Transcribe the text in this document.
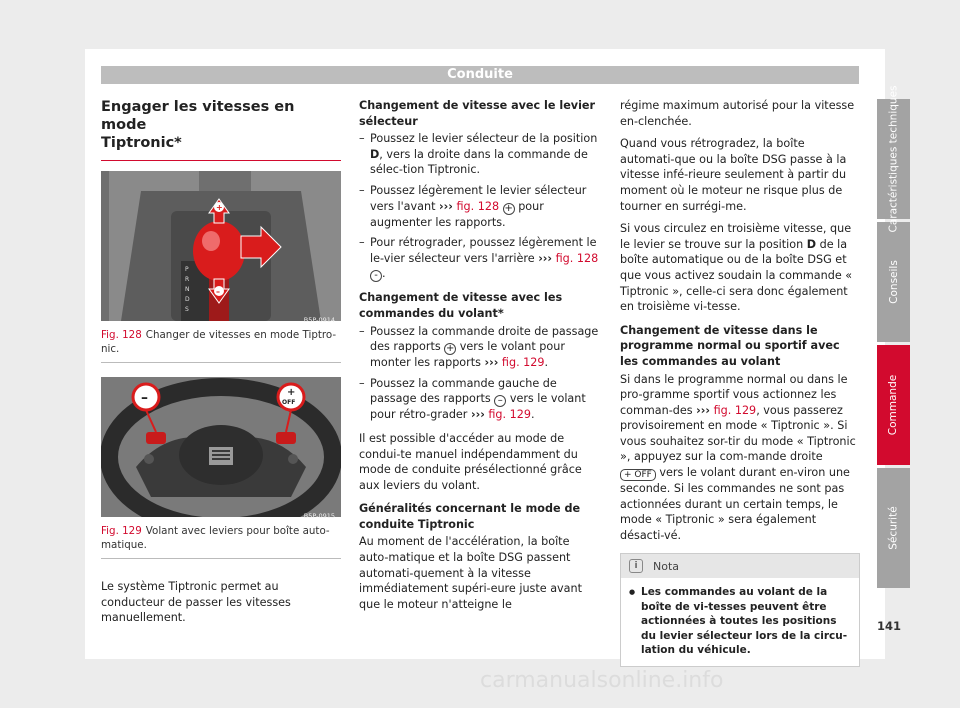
Conduite
Engager les vitesses en mode
Tiptronic*
P
R
N
D
S
+
–
B5P-0914
Fig. 128 Changer de vitesses en mode Tiptro-nic.
–	+
OFF
B5P-0915
Fig. 129 Volant avec leviers pour boîte auto-matique.

Le système Tiptronic permet au conducteur de passer les vitesses manuellement.

Changement de vitesse avec le levier sélecteur

– Poussez le levier sélecteur de la position D, vers la droite dans la commande de sélec-tion Tiptronic.
– Poussez légèrement le levier sélecteur vers l'avant ››› fig. 128 + pour augmenter les rapports.
– Pour rétrograder, poussez légèrement le le-vier sélecteur vers l'arrière ››› fig. 128 - .

Changement de vitesse avec les commandes du volant*

– Poussez la commande droite de passage des rapports + vers le volant pour monter les rapports ››› fig. 129.
– Poussez la commande gauche de passage des rapports – vers le volant pour rétro-grader ››› fig. 129.

Il est possible d'accéder au mode de condui-te manuel indépendamment du mode de conduite présélectionné grâce aux leviers du volant.

Généralités concernant le mode de conduite Tiptronic

Au moment de l'accélération, la boîte auto-matique et la boîte DSG passent automati-quement à la vitesse immédiatement supéri-eure juste avant que le moteur n'atteigne le

régime maximum autorisé pour la vitesse en-clenchée.

Quand vous rétrogradez, la boîte automati-que ou la boîte DSG passe à la vitesse infé-rieure seulement à partir du moment où le moteur ne risque plus de tourner en surrégi-me.

Si vous circulez en troisième vitesse, que le levier se trouve sur la position D de la boîte automatique ou de la boîte DSG et que vous activez soudain la commande « Tiptronic », celle-ci sera donc également en troisième vi-tesse.

Changement de vitesse dans le programme normal ou sportif avec les commandes au volant

Si dans le programme normal ou dans le pro-gramme sportif vous actionnez les comman-des ››› fig. 129, vous passerez provisoirement en mode « Tiptronic ». Si vous souhaitez sor-tir du mode « Tiptronic », appuyez sur la com-mande droite + OFF vers le volant durant en-viron une seconde. Si les commandes ne sont pas actionnées durant un certain temps, le mode « Tiptronic » sera également désacti-vé.

i	Nota
● Les commandes au volant de la boîte de vi-tesses peuvent être actionnées à toutes les positions du levier sélecteur lors de la circu-lation du véhicule.
Caractéristiques techniques
Conseils
Commande
Sécurité
141
carmanualsonline.info
